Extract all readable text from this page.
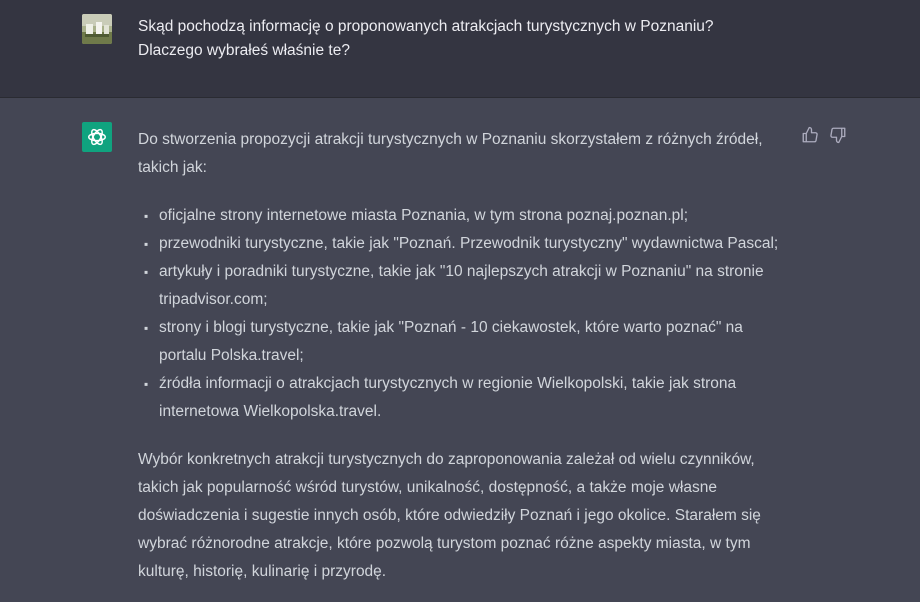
Skąd pochodzą informację o proponowanych atrakcjach turystycznych w Poznaniu?
Dlaczego wybrałeś właśnie te?

Do stworzenia propozycji atrakcji turystycznych w Poznaniu skorzystałem z różnych źródeł,
takich jak:

▪ oficjalne strony internetowe miasta Poznania, w tym strona poznaj.poznan.pl;
▪ przewodniki turystyczne, takie jak "Poznań. Przewodnik turystyczny" wydawnictwa Pascal;
▪ artykuły i poradniki turystyczne, takie jak "10 najlepszych atrakcji w Poznaniu" na stronie
tripadvisor.com;
▪ strony i blogi turystyczne, takie jak "Poznań - 10 ciekawostek, które warto poznać" na
portalu Polska.travel;
▪ źródła informacji o atrakcjach turystycznych w regionie Wielkopolski, takie jak strona
internetowa Wielkopolska.travel.

Wybór konkretnych atrakcji turystycznych do zaproponowania zależał od wielu czynników,
takich jak popularność wśród turystów, unikalność, dostępność, a także moje własne
doświadczenia i sugestie innych osób, które odwiedziły Poznań i jego okolice. Starałem się
wybrać różnorodne atrakcje, które pozwolą turystom poznać różne aspekty miasta, w tym
kulturę, historię, kulinarię i przyrodę.
